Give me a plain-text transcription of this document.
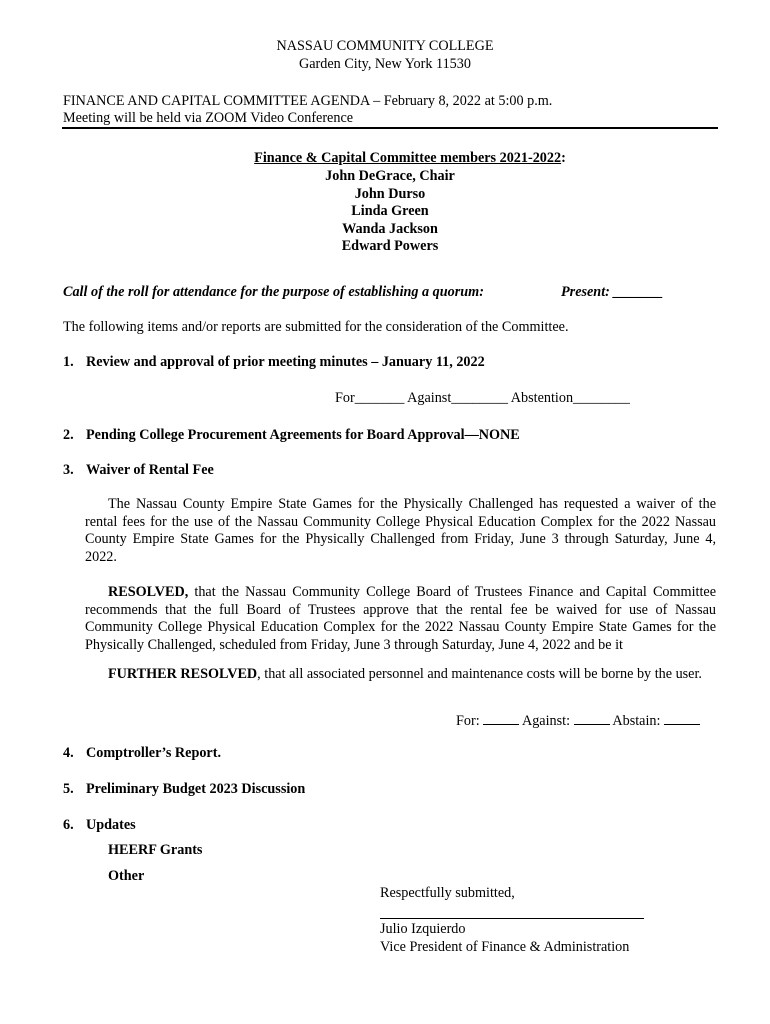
NASSAU COMMUNITY COLLEGE

Garden City, New York 11530

FINANCE AND CAPITAL COMMITTEE AGENDA – February 8, 2022 at 5:00 p.m.

Meeting will be held via ZOOM Video Conference

Finance & Capital Committee members 2021-2022:

John DeGrace, Chair
John Durso
Linda Green
Wanda Jackson
Edward Powers

Call of the roll for attendance for the purpose of establishing a quorum:	Present: _______

The following items and/or reports are submitted for the consideration of the Committee.

1. Review and approval of prior meeting minutes – January 11, 2022

For_______ Against________ Abstention________

2. Pending College Procurement Agreements for Board Approval—NONE

3. Waiver of Rental Fee

The Nassau County Empire State Games for the Physically Challenged has requested a waiver of the rental fees for the use of the Nassau Community College Physical Education Complex for the 2022 Nassau County Empire State Games for the Physically Challenged from Friday, June 3 through Saturday, June 4, 2022.

RESOLVED, that the Nassau Community College Board of Trustees Finance and Capital Committee recommends that the full Board of Trustees approve that the rental fee be waived for use of Nassau Community College Physical Education Complex for the 2022 Nassau County Empire State Games for the Physically Challenged, scheduled from Friday, June 3 through Saturday, June 4, 2022 and be it

FURTHER RESOLVED, that all associated personnel and maintenance costs will be borne by the user.

For:	Against:	Abstain:

4. Comptroller’s Report.

5. Preliminary Budget 2023 Discussion

6. Updates

HEERF Grants

Other

Respectfully submitted,

Julio Izquierdo

Vice President of Finance & Administration
